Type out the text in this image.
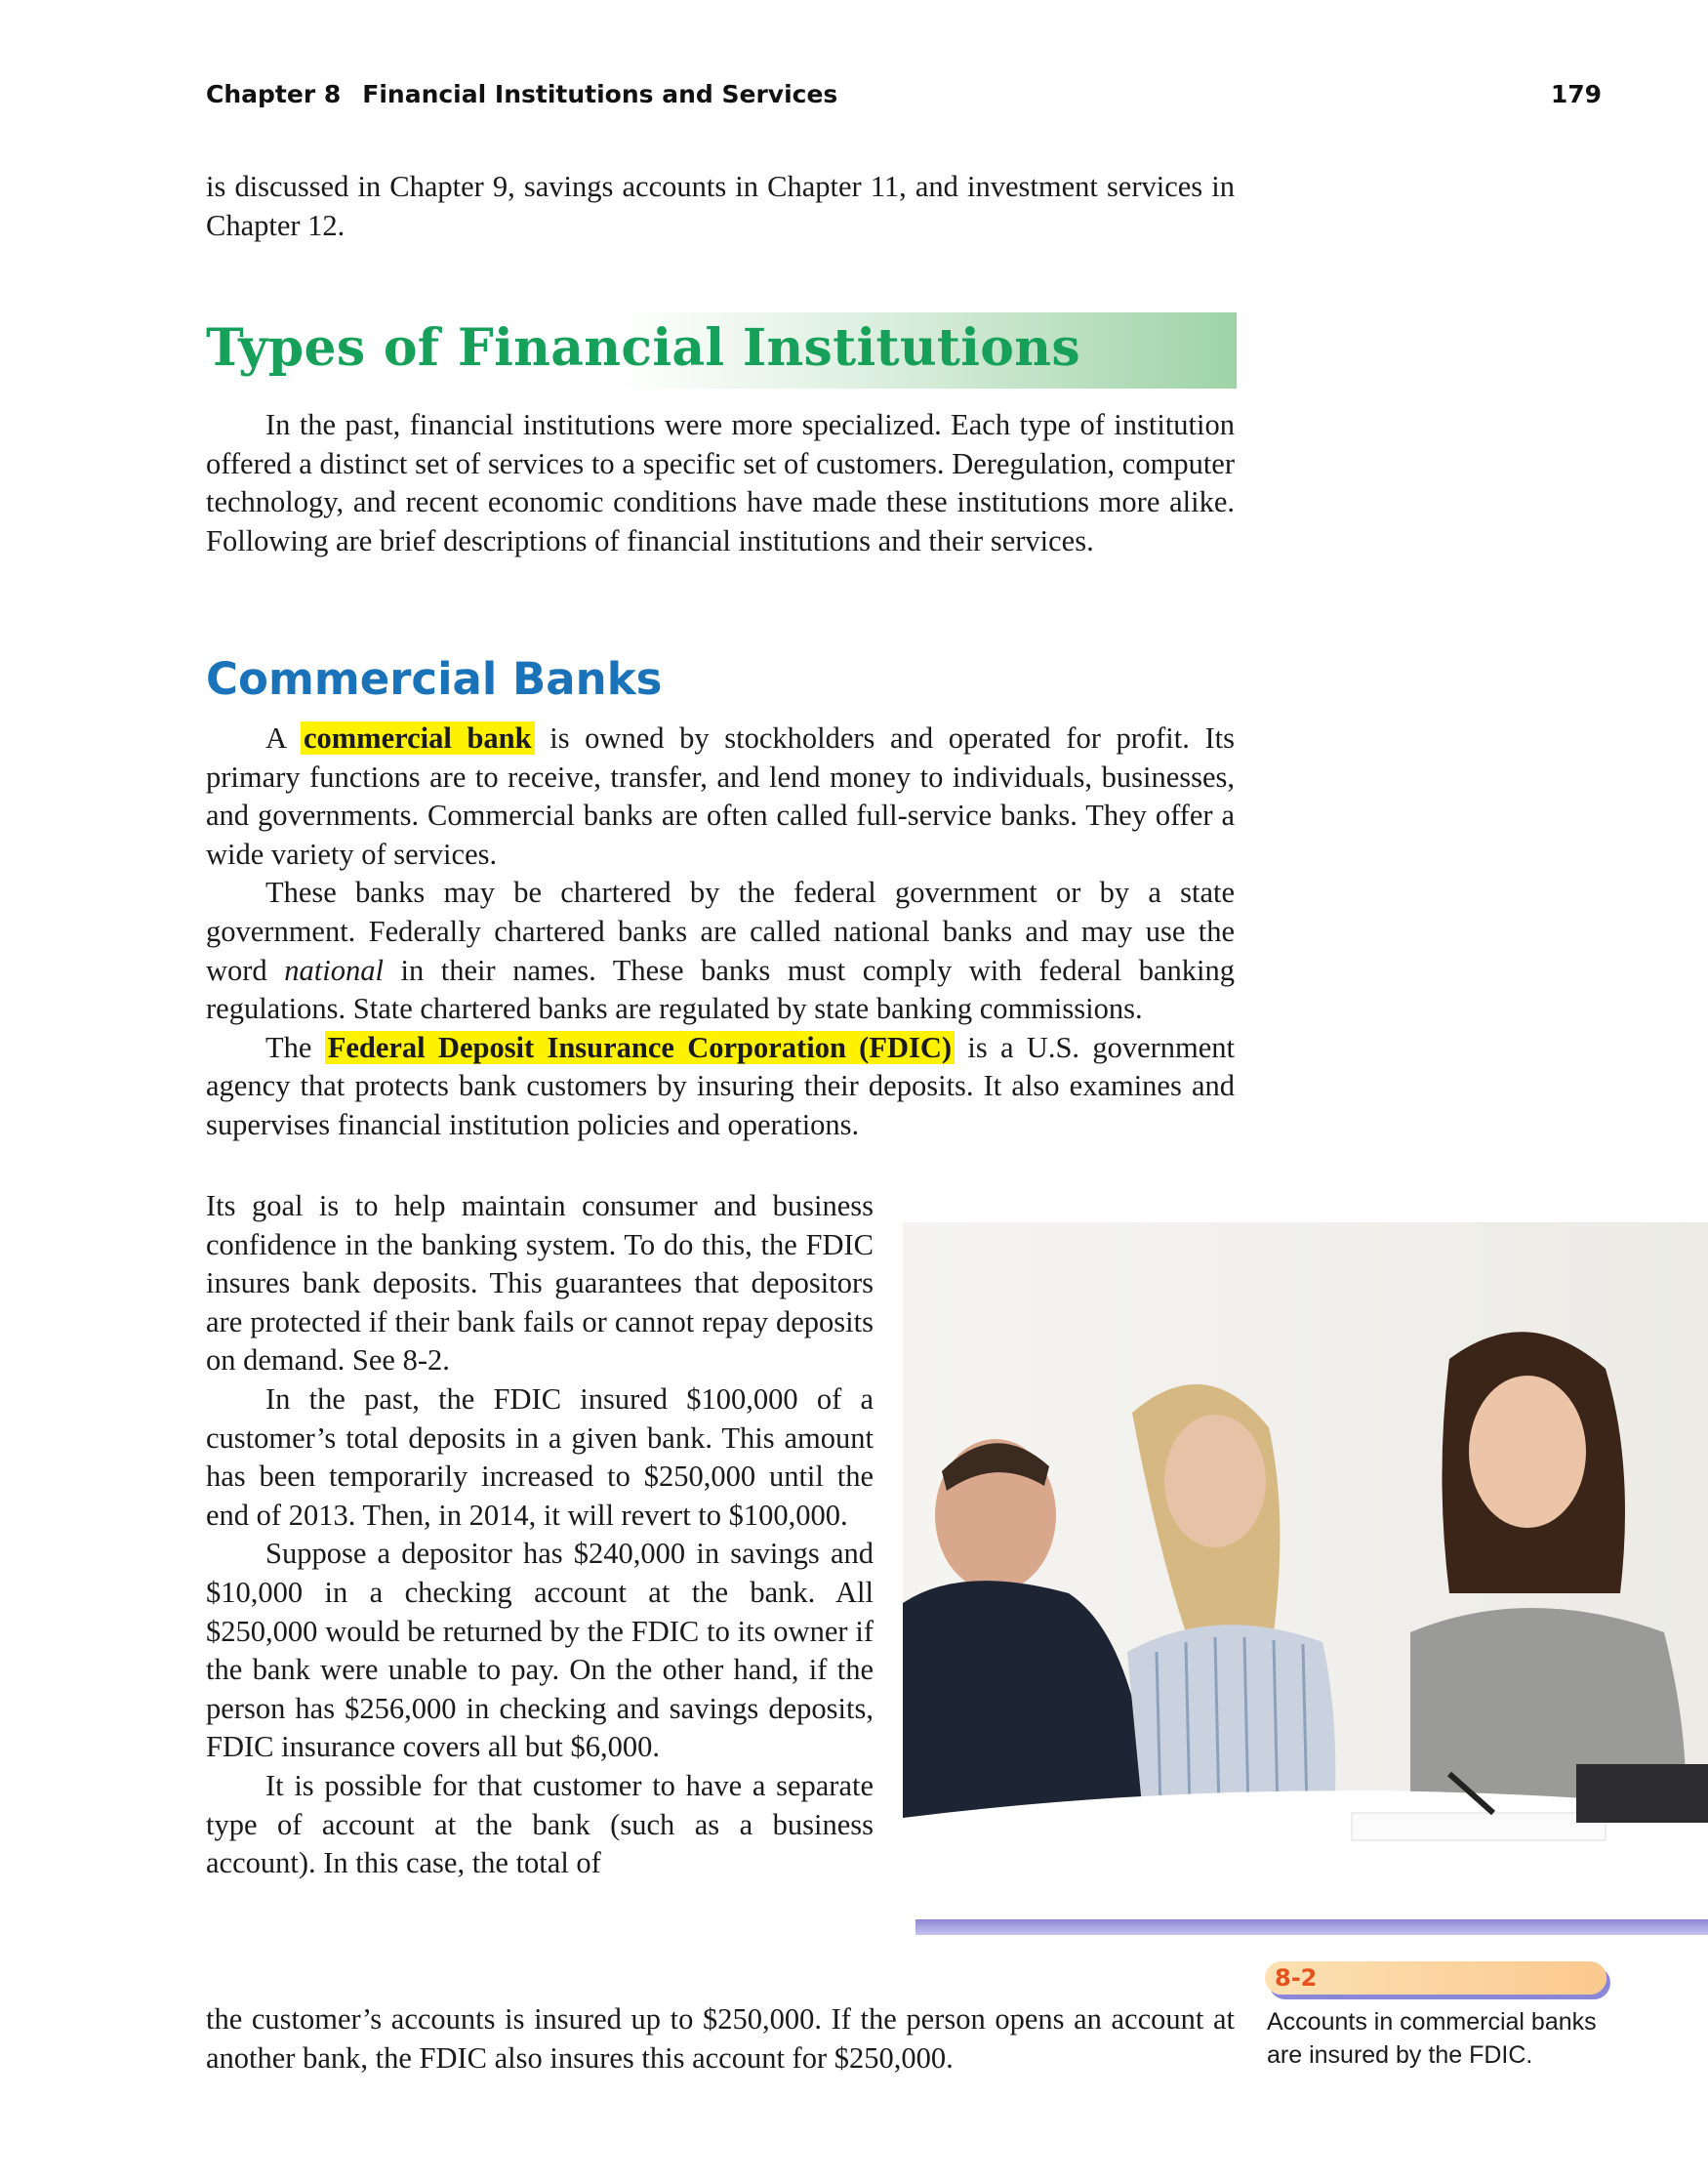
Chapter 8 Financial Institutions and Services	179

is discussed in Chapter 9, savings accounts in Chapter 11, and investment services in Chapter 12.

Types of Financial Institutions

In the past, financial institutions were more specialized. Each type of institution offered a distinct set of services to a specific set of customers. Deregulation, computer technology, and recent economic conditions have made these institutions more alike. Following are brief descriptions of financial institutions and their services.

Commercial Banks

A commercial bank is owned by stockholders and operated for profit. Its primary functions are to receive, transfer, and lend money to individuals, businesses, and governments. Commercial banks are often called full-service banks. They offer a wide variety of services.

These banks may be chartered by the federal government or by a state government. Federally chartered banks are called national banks and may use the word national in their names. These banks must comply with federal banking regulations. State chartered banks are regulated by state banking commissions.

The Federal Deposit Insurance Corporation (FDIC) is a U.S. government agency that protects bank customers by insuring their deposits. It also examines and supervises financial institution policies and operations.

Its goal is to help maintain consumer and business confidence in the banking system. To do this, the FDIC insures bank deposits. This guarantees that depositors are protected if their bank fails or cannot repay deposits on demand. See 8-2.

In the past, the FDIC insured $100,000 of a customer’s total deposits in a given bank. This amount has been temporarily increased to $250,000 until the end of 2013. Then, in 2014, it will revert to $100,000.

Suppose a depositor has $240,000 in savings and $10,000 in a checking account at the bank. All $250,000 would be returned by the FDIC to its owner if the bank were unable to pay. On the other hand, if the person has $256,000 in checking and savings deposits, FDIC insurance covers all but $6,000.

It is possible for that customer to have a separate type of account at the bank (such as a business account). In this case, the total of

the customer’s accounts is insured up to $250,000. If the person opens an account at another bank, the FDIC also insures this account for $250,000.

8-2
Accounts in commercial banks are insured by the FDIC.
